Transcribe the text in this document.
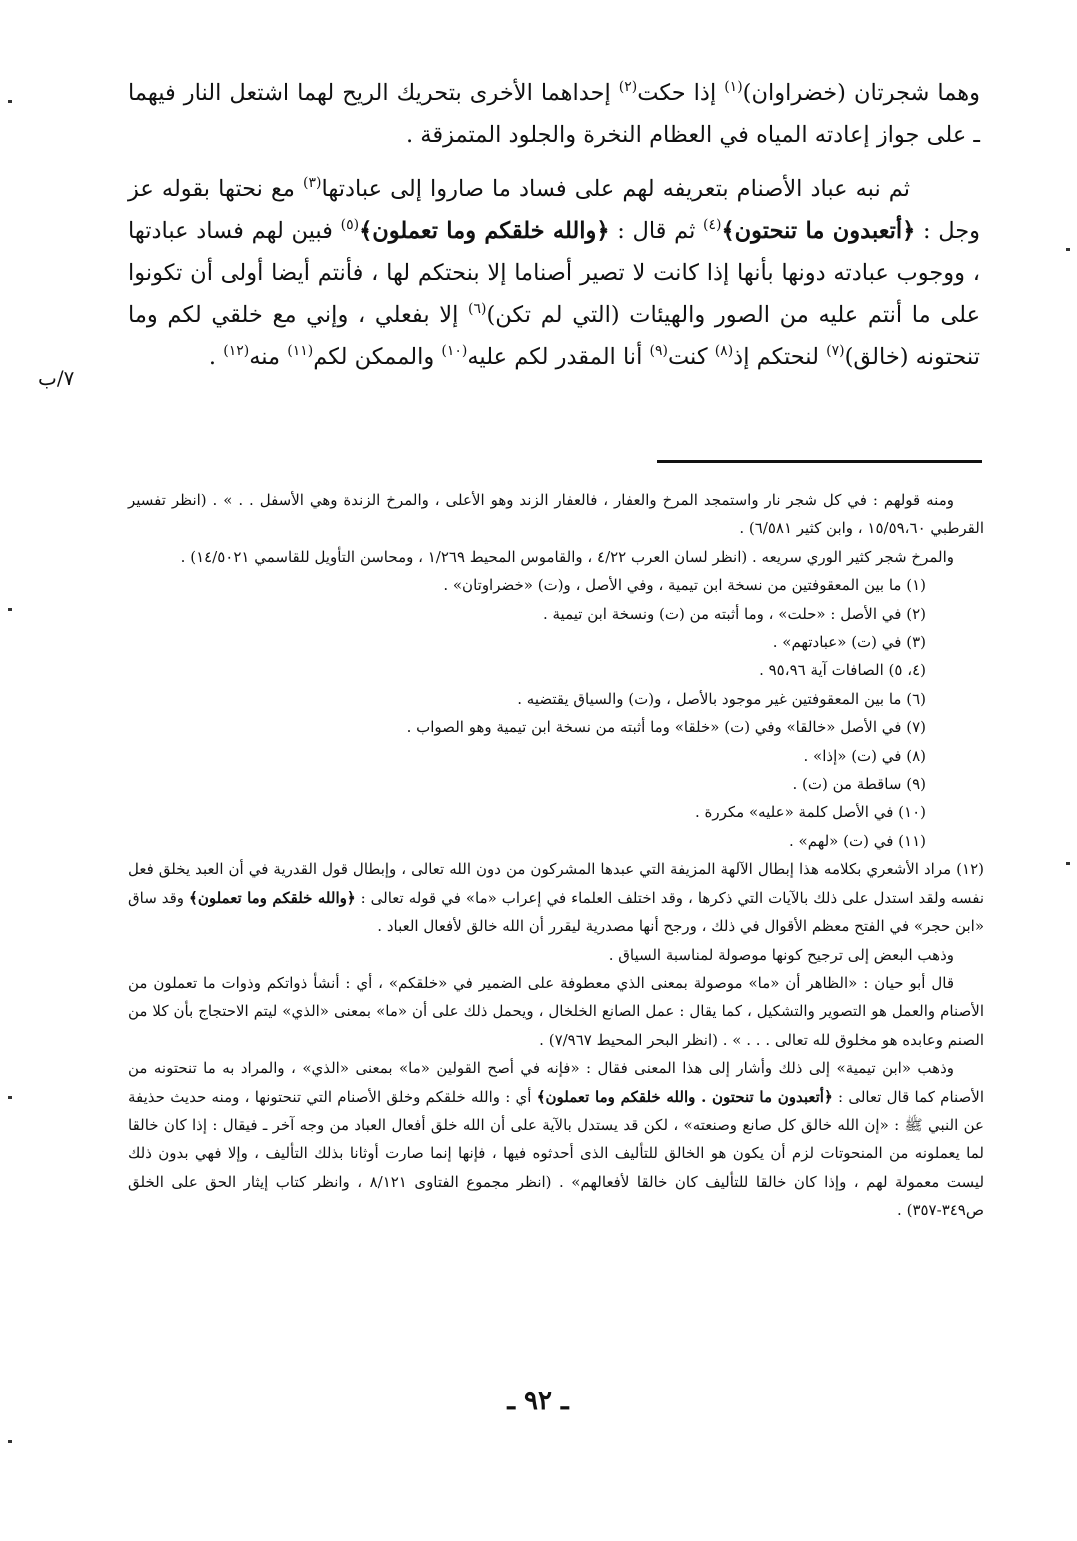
وهما شجرتان (خضراوان)$^{(١)}$ إذا حكت$^{(٢)}$ إحداهما الأخرى بتحريك الريح لهما اشتعل النار فيهما ـ على جواز إعادته المياه في العظام النخرة والجلود المتمزقة .

ثم نبه عباد الأصنام بتعريفه لهم على فساد ما صاروا إلى عبادتها$^{(٣)}$ مع نحتها بقوله عز وجل : ﴿أتعبدون ما تنحتون﴾$^{(٤)}$ ثم قال : ﴿والله خلقكم وما تعملون﴾$^{(٥)}$ فبين لهم فساد عبادتها ، ووجوب عبادته دونها بأنها إذا كانت لا تصير أصناما إلا بنحتكم لها ، فأنتم أيضا أولى أن تكونوا على ما أنتم عليه من الصور والهيئات (التي لم تكن)$^{(٦)}$ إلا بفعلي ، وإني مع خلقي لكم وما تنحتونه (خالق)$^{(٧)}$ لنحتكم إذ$^{(٨)}$ كنت$^{(٩)}$ أنا المقدر لكم عليه$^{(١٠)}$ والممكن لكم$^{(١١)}$ منه$^{(١٢)}$ .

٧/ب

ومنه قولهم : في كل شجر نار واستمجد المرخ والعفار ، فالعفار الزند وهو الأعلى ، والمرخ الزندة وهي الأسفل . . » . (انظر تفسير القرطبي ١٥/٥٩،٦٠ ، وابن كثير ٦/٥٨١) .

والمرخ شجر كثير الوري سريعه . (انظر لسان العرب ٤/٢٢ ، والقاموس المحيط ١/٢٦٩ ، ومحاسن التأويل للقاسمي ١٤/٥٠٢١) .

(١) ما بين المعقوفتين من نسخة ابن تيمية ، وفي الأصل ، و(ت) «خضراوتان» .

(٢) في الأصل : «حلت» ، وما أثبته من (ت) ونسخة ابن تيمية .

(٣) في (ت) «عبادتهم» .

(٤، ٥) الصافات آية ٩٥،٩٦ .

(٦) ما بين المعقوفتين غير موجود بالأصل ، و(ت) والسياق يقتضيه .

(٧) في الأصل «خالقا» وفي (ت) «خلقا» وما أثبته من نسخة ابن تيمية وهو الصواب .

(٨) في (ت) «إذا» .

(٩) ساقطة من (ت) .

(١٠) في الأصل كلمة «عليه» مكررة .

(١١) في (ت) «لهم» .

(١٢) مراد الأشعري بكلامه هذا إبطال الآلهة المزيفة التي عبدها المشركون من دون الله تعالى ، وإبطال قول القدرية في أن العبد يخلق فعل نفسه ولقد استدل على ذلك بالآيات التي ذكرها ، وقد اختلف العلماء في إعراب «ما» في قوله تعالى : ﴿والله خلقكم وما تعملون﴾ وقد ساق «ابن حجر» في الفتح معظم الأقوال في ذلك ، ورجح أنها مصدرية ليقرر أن الله خالق لأفعال العباد .

وذهب البعض إلى ترجيح كونها موصولة لمناسبة السياق .

قال أبو حيان : «الظاهر أن «ما» موصولة بمعنى الذي معطوفة على الضمير في «خلقكم» ، أي : أنشأ ذواتكم وذوات ما تعملون من الأصنام والعمل هو التصوير والتشكيل ، كما يقال : عمل الصانع الخلخال ، ويحمل ذلك على أن «ما» بمعنى «الذي» ليتم الاحتجاج بأن كلا من الصنم وعابده هو مخلوق لله تعالى . . . » . (انظر البحر المحيط ٧/٩٦٧) .

وذهب «ابن تيمية» إلى ذلك وأشار إلى هذا المعنى فقال : «فإنه في أصح القولين «ما» بمعنى «الذي» ، والمراد به ما تنحتونه من الأصنام كما قال تعالى : ﴿أتعبدون ما تنحتون . والله خلقكم وما تعملون﴾ أي : والله خلقكم وخلق الأصنام التي تنحتونها ، ومنه حديث حذيفة عن النبي ﷺ : «إن الله خالق كل صانع وصنعته» ، لكن قد يستدل بالآية على أن الله خلق أفعال العباد من وجه آخر ـ فيقال : إذا كان خالقا لما يعملونه من المنحوتات لزم أن يكون هو الخالق للتأليف الذى أحدثوه فيها ، فإنها إنما صارت أوثانا بذلك التأليف ، وإلا فهي بدون ذلك ليست معمولة لهم ، وإذا كان خالقا للتأليف كان خالقا لأفعالهم» . (انظر مجموع الفتاوى ٨/١٢١ ، وانظر كتاب إيثار الحق على الخلق ص٣٤٩-٣٥٧) .

ـ ٩٢ ـ
